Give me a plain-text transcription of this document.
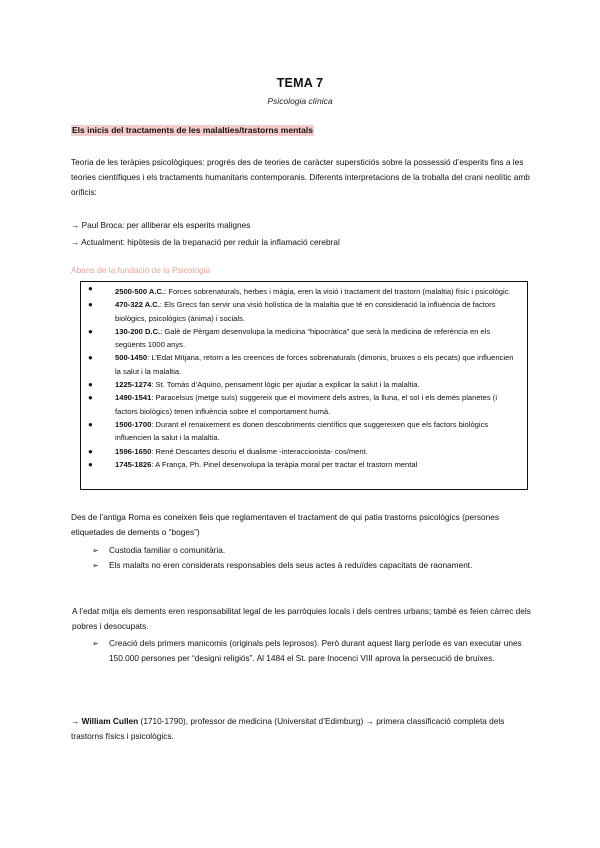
TEMA 7
Psicologia clínica
Els inicis del tractaments de les malalties/trastorns mentals
Teoria de les teràpies psicològiques: progrés des de teories de caràcter supersticiós sobre la possessió d’esperits fins a les teories científiques i els tractaments humanitaris contemporanis. Diferents interpretacions de la troballa del crani neolític amb orificis:
→ Paul Broca: per alliberar els esperits malignes
→ Actualment: hipòtesis de la trepanació per reduir la inflamació cerebral
Abans de la fundació de la Psicologia
●	2500-500 A.C.: Forces sobrenaturals, herbes i màgia, eren la visió i tractament del trastorn (malaltia) físic i psicològic.
●	470-322 A.C.: Els Grecs fan servir una visió holística de la malaltia que té en consideració la influència de factors biològics, psicològics (ànima) i socials.
●	130-200 D.C.: Galè de Pèrgam desenvolupa la medicina “hipocràtica” que serà la medicina de referència en els següents 1000 anys.
●	500-1450: L’Edat Mitjana, retorn a les creences de forces sobrenaturals (dimonis, bruixes o els pecats) que influencien la salut i la malaltia.
●	1225-1274: St. Tomàs d’Aquino, pensament lògic per ajudar a explicar la salut i la malaltia.
●	1490-1541: Paracelsus (metge suís) suggereix que el moviment dels astres, la lluna, el sol i els demés planetes (i factors biològics) tenen influència sobre el comportament humà.
●	1500-1700: Durant el renaixement es donen descobriments científics que suggereixen que els factors biològics influencien la salut i la malaltia.
●	1596-1650: René Descartes descriu el dualisme -interaccionista- cos/ment.
●	1745-1826: A França, Ph. Pinel desenvolupa la teràpia moral per tractar el trastorn mental
Des de l’antiga Roma es coneixen lleis que reglamentaven el tractament de qui patia trastorns psicològics (persones etiquetades de dements o “boges”)
➢	Custodia familiar o comunitària.
➢	Els malalts no eren considerats responsables dels seus actes à reduïdes capacitats de raonament.
A l’edat mitja els dements eren responsabilitat legal de les parròquies locals i dels centres urbans; també es feien càrrec dels pobres i desocupats.
➢	Creació dels primers manicomis (originals pels leprosos). Però durant aquest llarg període es van executar unes 150.000 persones per “designi religiós”. Al 1484 el St. pare Inocenci VIII aprova la persecució de bruixes.
→ William Cullen (1710-1790), professor de medicina (Universitat d’Edimburg) → primera classificació completa dels trastorns físics i psicològics.
